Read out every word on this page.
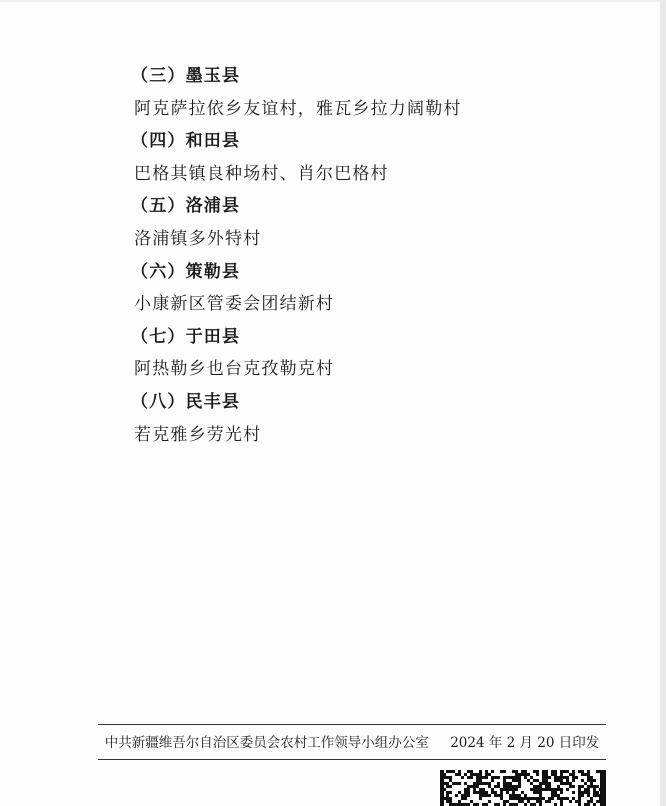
（三）墨玉县
阿克萨拉依乡友谊村，雅瓦乡拉力阔勒村
（四）和田县
巴格其镇良种场村、肖尔巴格村
（五）洛浦县
洛浦镇多外特村
（六）策勒县
小康新区管委会团结新村
（七）于田县
阿热勒乡也台克孜勒克村
（八）民丰县
若克雅乡劳光村
中共新疆维吾尔自治区委员会农村工作领导小组办公室 2024 年 2 月 20 日印发
